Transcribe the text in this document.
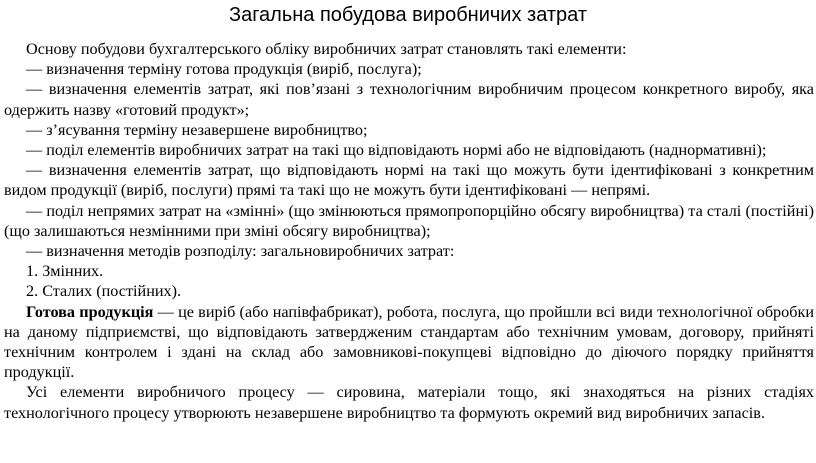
Загальна побудова виробничих затрат

Основу побудови бухгалтерського обліку виробничих затрат становлять такі елементи:

— визначення терміну готова продукція (виріб, послуга);

— визначення елементів затрат, які пов’язані з технологічним виробничим процесом конкретного виробу, яка одержить назву «готовий продукт»;

— з’ясування терміну незавершене виробництво;

— поділ елементів виробничих затрат на такі що відповідають нормі або не відповідають (наднормативні);

— визначення елементів затрат, що відповідають нормі на такі що можуть бути ідентифіковані з конкретним видом продукції (виріб, послуги) прямі та такі що не можуть бути ідентифіковані — непрямі.

— поділ непрямих затрат на «змінні» (що змінюються прямопропорційно обсягу виробництва) та сталі (постійні) (що залишаються незмінними при зміні обсягу виробництва);

— визначення методів розподілу: загальновиробничих затрат:

1. Змінних.

2. Сталих (постійних).

Готова продукція — це виріб (або напівфабрикат), робота, послуга, що пройшли всі види технологічної обробки на даному підприємстві, що відповідають затвердженим стандартам або технічним умовам, договору, прийняті технічним контролем і здані на склад або замовникові-покупцеві відповідно до діючого порядку прийняття продукції.

Усі елементи виробничого процесу — сировина, матеріали тощо, які знаходяться на різних стадіях технологічного процесу утворюють незавершене виробництво та формують окремий вид виробничих запасів.
